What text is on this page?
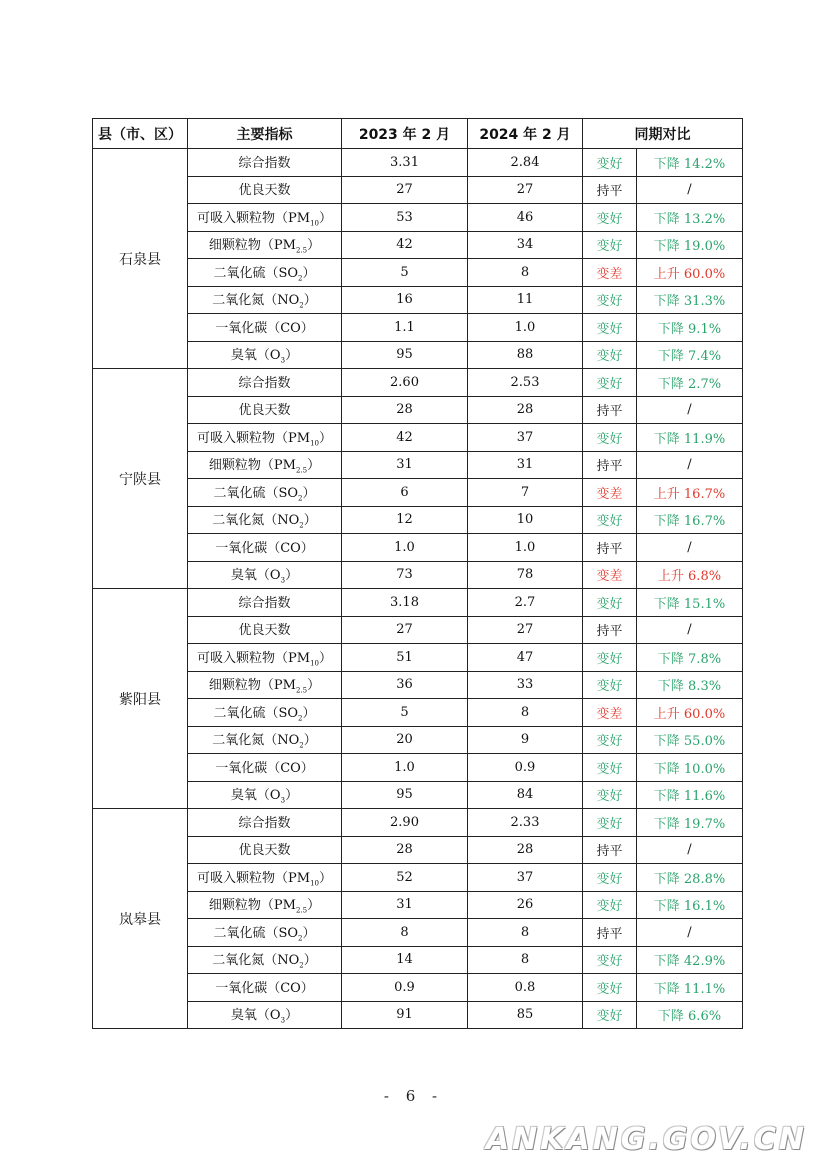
县（市、区）	主要指标	2023 年 2 月	2024 年 2 月	同期对比	
石泉县	综合指数	3.31	2.84	变好	下降 14.2%
	优良天数	27	27	持平	/
	可吸入颗粒物$(PM_{10})$	53	46	变好	下降 13.2%
	细颗粒物$(PM_{2.5})$	42	34	变好	下降 19.0%
	二氧化硫$(SO_2)$	5	8	变差	上升 60.0%
	二氧化氮$(NO_2)$	16	11	变好	下降 31.3%
	一氧化碳（CO）	1.1	1.0	变好	下降 9.1%
	臭氧$(O_3)$	95	88	变好	下降 7.4%
宁陕县	综合指数	2.60	2.53	变好	下降 2.7%
	优良天数	28	28	持平	/
	可吸入颗粒物$(PM_{10})$	42	37	变好	下降 11.9%
	细颗粒物$(PM_{2.5})$	31	31	持平	/
	二氧化硫$(SO_2)$	6	7	变差	上升 16.7%
	二氧化氮$(NO_2)$	12	10	变好	下降 16.7%
	一氧化碳（CO）	1.0	1.0	持平	/
	臭氧$(O_3)$	73	78	变差	上升 6.8%
紫阳县	综合指数	3.18	2.7	变好	下降 15.1%
	优良天数	27	27	持平	/
	可吸入颗粒物$(PM_{10})$	51	47	变好	下降 7.8%
	细颗粒物$(PM_{2.5})$	36	33	变好	下降 8.3%
	二氧化硫$(SO_2)$	5	8	变差	上升 60.0%
	二氧化氮$(NO_2)$	20	9	变好	下降 55.0%
	一氧化碳（CO）	1.0	0.9	变好	下降 10.0%
	臭氧$(O_3)$	95	84	变好	下降 11.6%
岚皋县	综合指数	2.90	2.33	变好	下降 19.7%
	优良天数	28	28	持平	/
	可吸入颗粒物$(PM_{10})$	52	37	变好	下降 28.8%
	细颗粒物$(PM_{2.5})$	31	26	变好	下降 16.1%
	二氧化硫$(SO_2)$	8	8	持平	/
	二氧化氮$(NO_2)$	14	8	变好	下降 42.9%
	一氧化碳（CO）	0.9	0.8	变好	下降 11.1%
	臭氧$(O_3)$	91	85	变好	下降 6.6%
- 6 -
ANKANG.GOV.CN
